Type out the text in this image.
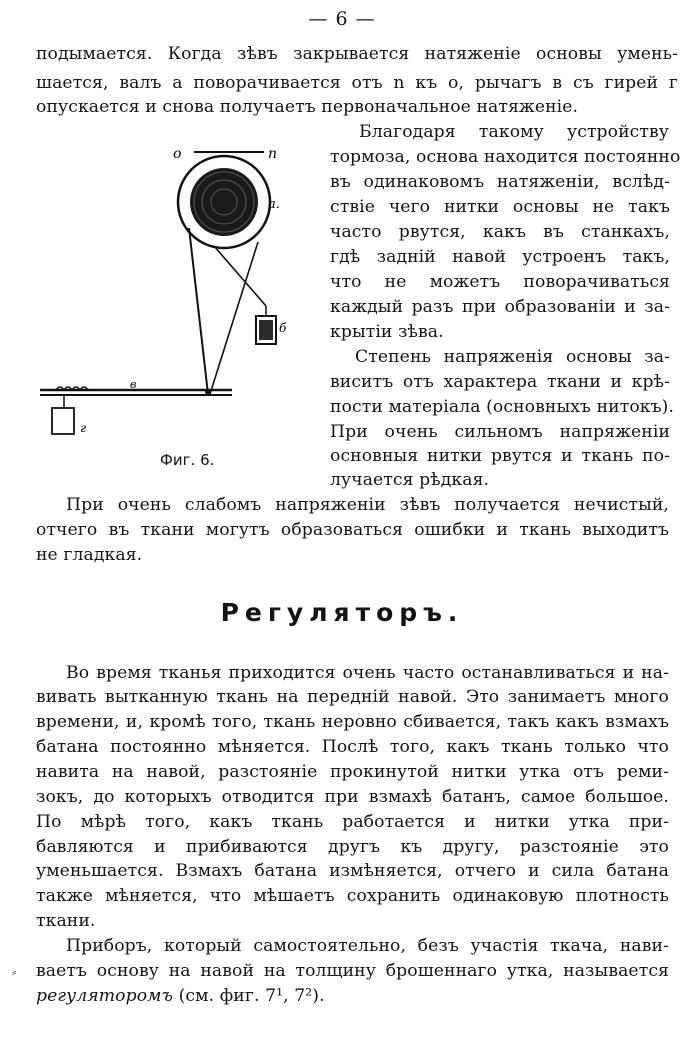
— 6 —
подымается. Когда зѣвъ закрывается натяженіе основы умень-
шается, валъ а поворачивается отъ n къ о, рычагъ в съ гирей г
опускается и снова получаетъ первоначальное натяженіе.
Благодаря такому устройству
тормоза, основа находится постоянно
въ одинаковомъ натяженіи, вслѣд-
ствіе чего нитки основы не такъ
часто рвутся, какъ въ станкахъ,
гдѣ задній навой устроенъ такъ,
что не можетъ поворачиваться
каждый разъ при образованіи и за-
крытіи зѣва.
Степень напряженія основы за-
виситъ отъ характера ткани и крѣ-
пости матеріала (основныхъ нитокъ).
При очень сильномъ напряженіи
основныя нитки рвутся и ткань по-
лучается рѣдкая.
о	n
а.
б
в
г
Фиг. 6.
При очень слабомъ напряженіи зѣвъ получается нечистый,
отчего въ ткани могутъ образоваться ошибки и ткань выходитъ
не гладкая.
Регуляторъ.
Во время тканья приходится очень часто останавливаться и на-
вивать вытканную ткань на передній навой. Это занимаетъ много
времени, и, кромѣ того, ткань неровно сбивается, такъ какъ взмахъ
батана постоянно мѣняется. Послѣ того, какъ ткань только что
навита на навой, разстояніе прокинутой нитки утка отъ реми-
зокъ, до которыхъ отводится при взмахѣ батанъ, самое большое.
По мѣрѣ того, какъ ткань работается и нитки утка при-
бавляются и прибиваются другъ къ другу, разстояніе это
уменьшается. Взмахъ батана измѣняется, отчего и сила батана
также мѣняется, что мѣшаетъ сохранить одинаковую плотность
ткани.
Приборъ, который самостоятельно, безъ участія ткача, нави-
ваетъ основу на навой на толщину брошеннаго утка, называется
регуляторомъ (см. фиг. 7¹, 7²).
⸗
